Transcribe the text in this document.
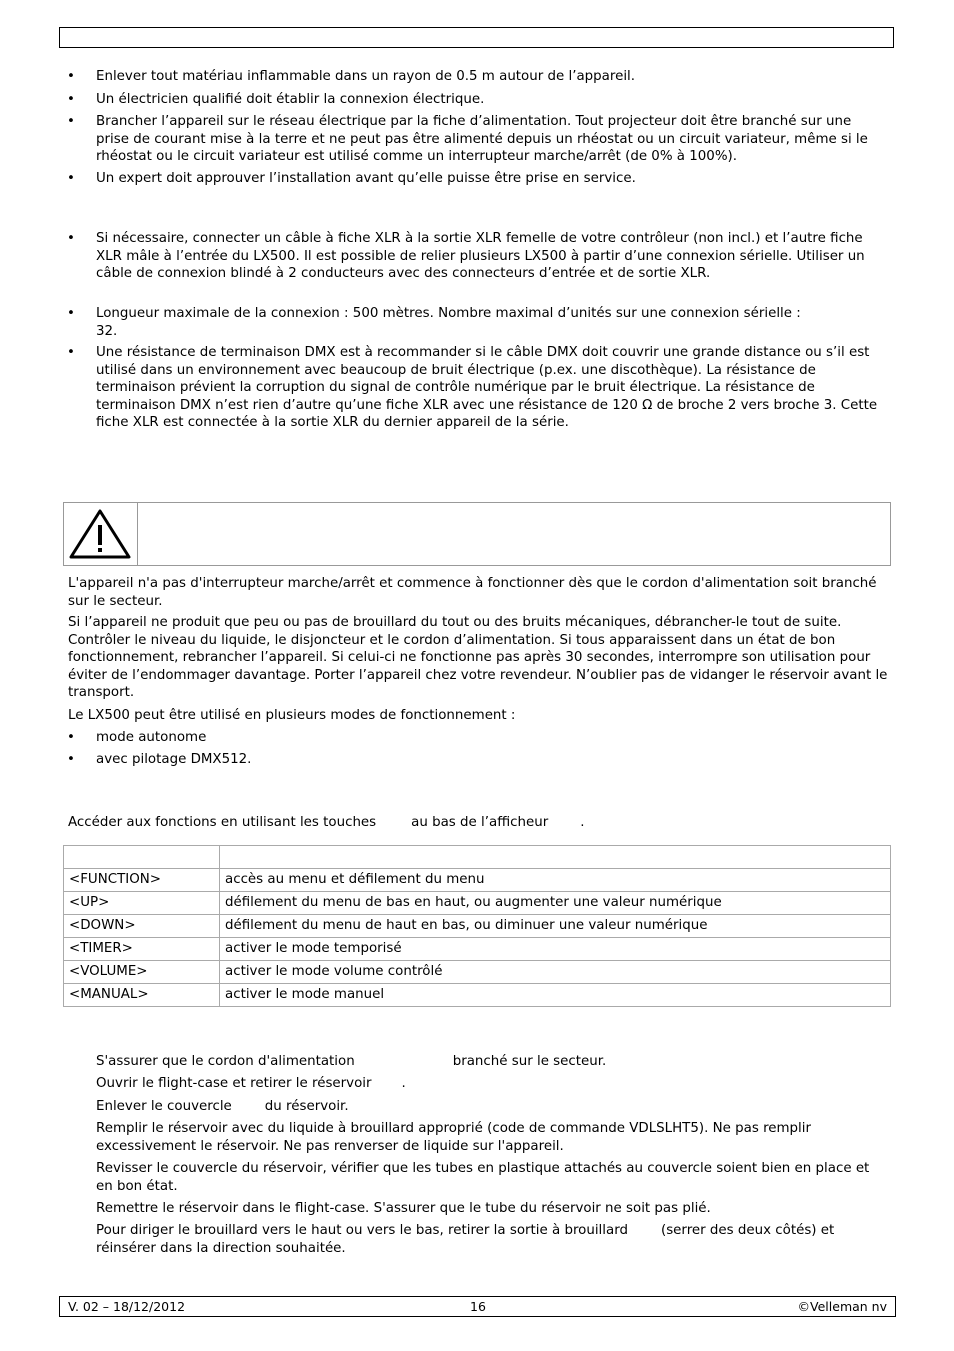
• Enlever tout matériau inflammable dans un rayon de 0.5 m autour de l’appareil.
• Un électricien qualifié doit établir la connexion électrique.
• Brancher l’appareil sur le réseau électrique par la fiche d’alimentation. Tout projecteur doit être branché sur une prise de courant mise à la terre et ne peut pas être alimenté depuis un rhéostat ou un circuit variateur, même si le rhéostat ou le circuit variateur est utilisé comme un interrupteur marche/arrêt (de 0% à 100%).
• Un expert doit approuver l’installation avant qu’elle puisse être prise en service.
• Si nécessaire, connecter un câble à fiche XLR à la sortie XLR femelle de votre contrôleur (non incl.) et l’autre fiche XLR mâle à l’entrée du LX500. Il est possible de relier plusieurs LX500 à partir d’une connexion sérielle. Utiliser un câble de connexion blindé à 2 conducteurs avec des connecteurs d’entrée et de sortie XLR.
• Longueur maximale de la connexion : 500 mètres. Nombre maximal d’unités sur une connexion sérielle : 32.
• Une résistance de terminaison DMX est à recommander si le câble DMX doit couvrir une grande distance ou s’il est utilisé dans un environnement avec beaucoup de bruit électrique (p.ex. une discothèque). La résistance de terminaison prévient la corruption du signal de contrôle numérique par le bruit électrique. La résistance de terminaison DMX n’est rien d’autre qu’une fiche XLR avec une résistance de 120 Ω de broche 2 vers broche 3. Cette fiche XLR est connectée à la sortie XLR du dernier appareil de la série.
L'appareil n'a pas d'interrupteur marche/arrêt et commence à fonctionner dès que le cordon d'alimentation soit branché sur le secteur.
Si l’appareil ne produit que peu ou pas de brouillard du tout ou des bruits mécaniques, débrancher-le tout de suite. Contrôler le niveau du liquide, le disjoncteur et le cordon d’alimentation. Si tous apparaissent dans un état de bon fonctionnement, rebrancher l’appareil. Si celui-ci ne fonctionne pas après 30 secondes, interrompre son utilisation pour éviter de l’endommager davantage. Porter l’appareil chez votre revendeur. N’oublier pas de vidanger le réservoir avant le transport.
Le LX500 peut être utilisé en plusieurs modes de fonctionnement :
• mode autonome
• avec pilotage DMX512.
Accéder aux fonctions en utilisant les touches	au bas de l’afficheur .

<FUNCTION>	accès au menu et défilement du menu
<UP>	défilement du menu de bas en haut, ou augmenter une valeur numérique
<DOWN>	défilement du menu de haut en bas, ou diminuer une valeur numérique
<TIMER>	activer le mode temporisé
<VOLUME>	activer le mode volume contrôlé
<MANUAL>	activer le mode manuel
S'assurer que le cordon d'alimentation	branché sur le secteur.
Ouvrir le flight-case et retirer le réservoir .
Enlever le couvercle du réservoir.
Remplir le réservoir avec du liquide à brouillard approprié (code de commande VDLSLHT5). Ne pas remplir excessivement le réservoir. Ne pas renverser de liquide sur l'appareil.
Revisser le couvercle du réservoir, vérifier que les tubes en plastique attachés au couvercle soient bien en place et en bon état.
Remettre le réservoir dans le flight-case. S'assurer que le tube du réservoir ne soit pas plié.
Pour diriger le brouillard vers le haut ou vers le bas, retirer la sortie à brouillard (serrer des deux côtés) et réinsérer dans la direction souhaitée.
V. 02 – 18/12/2012	16	©Velleman nv
